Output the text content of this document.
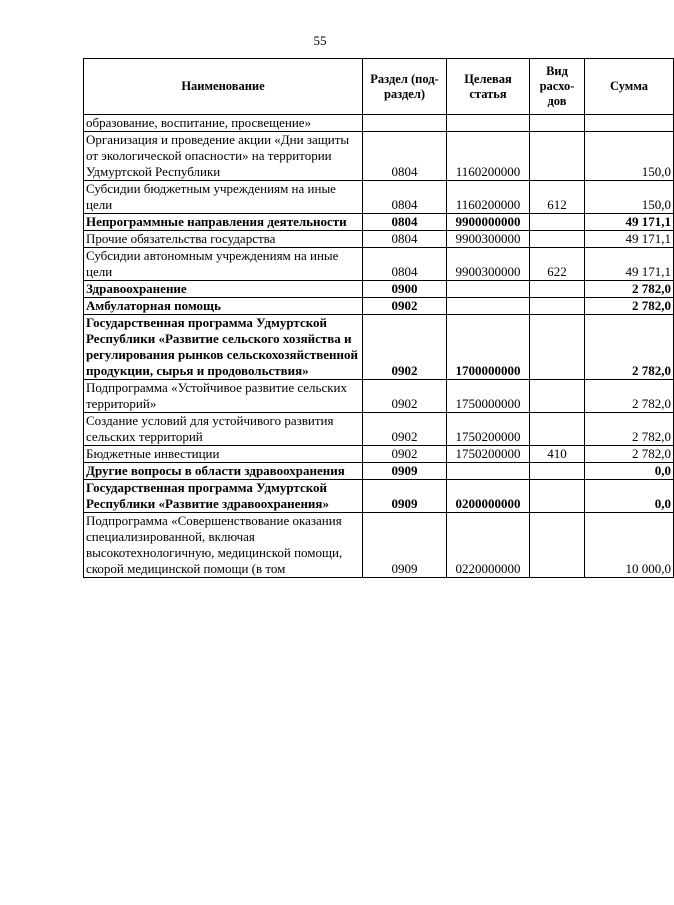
55
Наименование	Раздел (под-раздел)	Целевая статья	Вид расхо-дов	Сумма
образование, воспитание, просвещение»				
Организация и проведение акции «Дни защиты от экологической опасности» на территории Удмуртской Республики	0804	1160200000		150,0
Субсидии бюджетным учреждениям на иные цели	0804	1160200000	612	150,0
Непрограммные направления деятельности	0804	9900000000		49 171,1
Прочие обязательства государства	0804	9900300000		49 171,1
Субсидии автономным учреждениям на иные цели	0804	9900300000	622	49 171,1
Здравоохранение	0900			2 782,0
Амбулаторная помощь	0902			2 782,0
Государственная программа Удмуртской Республики «Развитие сельского хозяйства и регулирования рынков сельскохозяйственной продукции, сырья и продовольствия»	0902	1700000000		2 782,0
Подпрограмма «Устойчивое развитие сельских территорий»	0902	1750000000		2 782,0
Создание условий для устойчивого развития сельских территорий	0902	1750200000		2 782,0
Бюджетные инвестиции	0902	1750200000	410	2 782,0
Другие вопросы в области здравоохранения	0909			0,0
Государственная программа Удмуртской Республики «Развитие здравоохранения»	0909	0200000000		0,0
Подпрограмма «Совершенствование оказания специализированной, включая высокотехнологичную, медицинской помощи, скорой медицинской помощи (в том	0909	0220000000		10 000,0
